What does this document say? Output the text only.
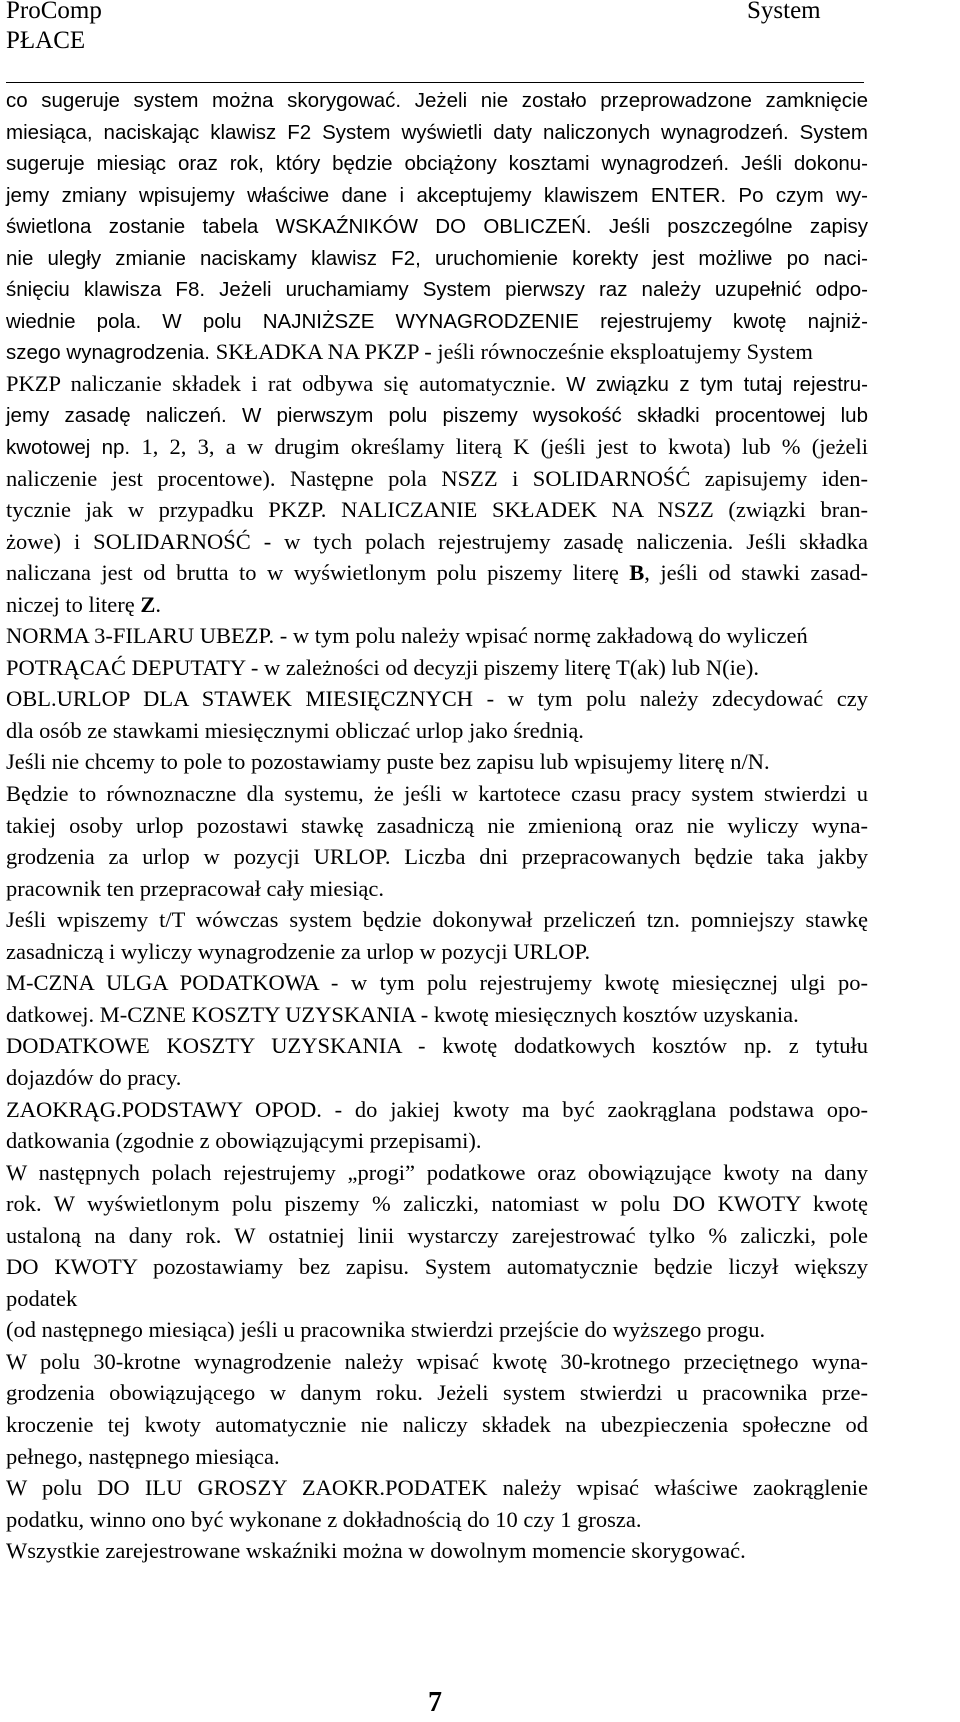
ProComp
PŁACE
System
co sugeruje system można skorygować. Jeżeli nie zostało przeprowadzone zamknięcie
miesiąca, naciskając klawisz F2 System wyświetli daty naliczonych wynagrodzeń. System
sugeruje miesiąc oraz rok, który będzie obciążony kosztami wynagrodzeń. Jeśli dokonu-
jemy zmiany wpisujemy właściwe dane i akceptujemy klawiszem ENTER. Po czym wy-
świetlona zostanie tabela WSKAŹNIKÓW DO OBLICZEŃ. Jeśli poszczególne zapisy
nie uległy zmianie naciskamy klawisz F2, uruchomienie korekty jest możliwe po naci-
śnięciu klawisza F8. Jeżeli uruchamiamy System pierwszy raz należy uzupełnić odpo-
wiednie pola. W polu NAJNIŻSZE WYNAGRODZENIE rejestrujemy kwotę najniż-
szego wynagrodzenia. SKŁADKA NA PKZP - jeśli równocześnie eksploatujemy System
PKZP naliczanie składek i rat odbywa się automatycznie. W związku z tym tutaj rejestru-
jemy zasadę naliczeń. W pierwszym polu piszemy wysokość składki procentowej lub
kwotowej np. 1, 2, 3, a w drugim określamy literą K (jeśli jest to kwota) lub % (jeżeli
naliczenie jest procentowe). Następne pola NSZZ i SOLIDARNOŚĆ zapisujemy iden-
tycznie jak w przypadku PKZP. NALICZANIE SKŁADEK NA NSZZ (związki bran-
żowe) i SOLIDARNOŚĆ - w tych polach rejestrujemy zasadę naliczenia. Jeśli składka
naliczana jest od brutta to w wyświetlonym polu piszemy literę B, jeśli od stawki zasad-
niczej to literę Z.
NORMA 3-FILARU UBEZP. - w tym polu należy wpisać normę zakładową do wyliczeń
POTRĄCAĆ DEPUTATY - w zależności od decyzji piszemy literę T(ak) lub N(ie).
OBL.URLOP DLA STAWEK MIESIĘCZNYCH - w tym polu należy zdecydować czy
dla osób ze stawkami miesięcznymi obliczać urlop jako średnią.
Jeśli nie chcemy to pole to pozostawiamy puste bez zapisu lub wpisujemy literę n/N.
Będzie to równoznaczne dla systemu, że jeśli w kartotece czasu pracy system stwierdzi u
takiej osoby urlop pozostawi stawkę zasadniczą nie zmienioną oraz nie wyliczy wyna-
grodzenia za urlop w pozycji URLOP. Liczba dni przepracowanych będzie taka jakby
pracownik ten przepracował cały miesiąc.
Jeśli wpiszemy t/T wówczas system będzie dokonywał przeliczeń tzn. pomniejszy stawkę
zasadniczą i wyliczy wynagrodzenie za urlop w pozycji URLOP.
M-CZNA ULGA PODATKOWA - w tym polu rejestrujemy kwotę miesięcznej ulgi po-
datkowej. M-CZNE KOSZTY UZYSKANIA - kwotę miesięcznych kosztów uzyskania.
DODATKOWE KOSZTY UZYSKANIA - kwotę dodatkowych kosztów np. z tytułu
dojazdów do pracy.
ZAOKRĄG.PODSTAWY OPOD. - do jakiej kwoty ma być zaokrąglana podstawa opo-
datkowania (zgodnie z obowiązującymi przepisami).
W następnych polach rejestrujemy „progi” podatkowe oraz obowiązujące kwoty na dany
rok. W wyświetlonym polu piszemy % zaliczki, natomiast w polu DO KWOTY kwotę
ustaloną na dany rok. W ostatniej linii wystarczy zarejestrować tylko % zaliczki, pole
DO KWOTY pozostawiamy bez zapisu. System automatycznie będzie liczył większy
podatek
(od następnego miesiąca) jeśli u pracownika stwierdzi przejście do wyższego progu.
W polu 30-krotne wynagrodzenie należy wpisać kwotę 30-krotnego przeciętnego wyna-
grodzenia obowiązującego w danym roku. Jeżeli system stwierdzi u pracownika prze-
kroczenie tej kwoty automatycznie nie naliczy składek na ubezpieczenia społeczne od
pełnego, następnego miesiąca.
W polu DO ILU GROSZY ZAOKR.PODATEK należy wpisać właściwe zaokrąglenie
podatku, winno ono być wykonane z dokładnością do 10 czy 1 grosza.
Wszystkie zarejestrowane wskaźniki można w dowolnym momencie skorygować.
7
